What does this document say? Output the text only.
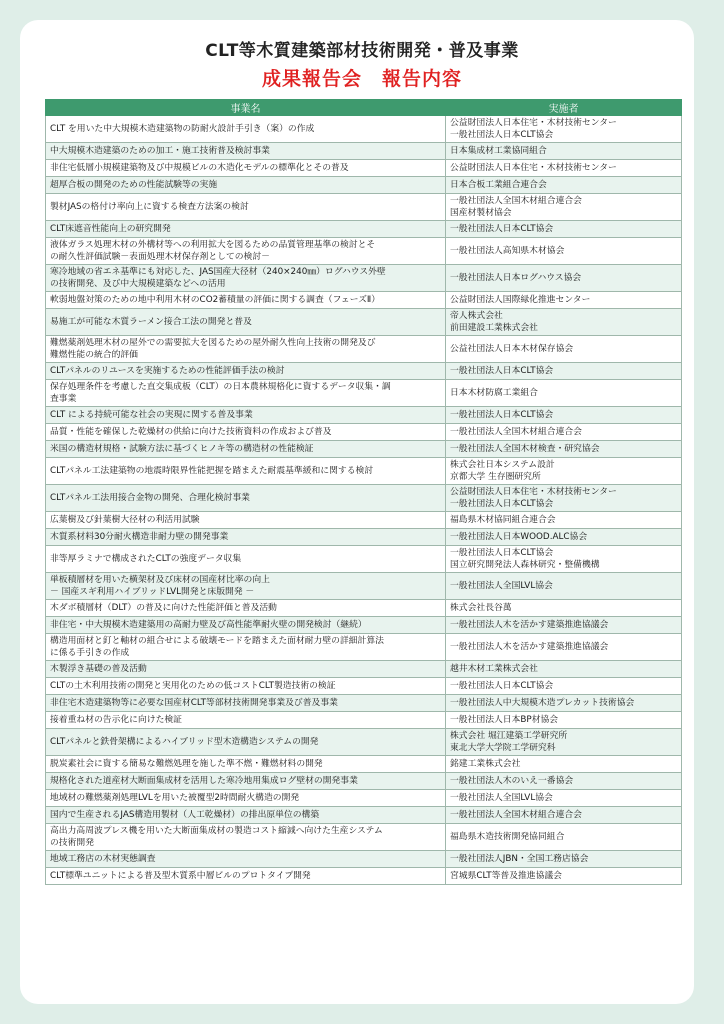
CLT等木質建築部材技術開発・普及事業
成果報告会　報告内容
事業名	実施者

CLT を用いた中大規模木造建築物の防耐火設計手引き（案）の作成	公益財団法人日本住宅・木材技術センター
一般社団法人日本CLT協会

中大規模木造建築のための加工・施工技術普及検討事業	日本集成材工業協同組合

非住宅低層小規模建築物及び中規模ビルの木造化モデルの標準化とその普及	公益財団法人日本住宅・木材技術センター

超厚合板の開発のための性能試験等の実施	日本合板工業組合連合会

製材JASの格付け率向上に資する検査方法案の検討	一般社団法人全国木材組合連合会
国産材製材協会

CLT床遮音性能向上の研究開発	一般社団法人日本CLT協会

液体ガラス処理木材の外構材等への利用拡大を図るための品質管理基準の検討とそ
の耐久性評価試験－表面処理木材保存剤としての検討－	一般社団法人高知県木材協会

寒冷地域の省エネ基準にも対応した、JAS国産大径材（240×240㎜）ログハウス外壁
の技術開発、及び中大規模建築などへの活用	一般社団法人日本ログハウス協会

軟弱地盤対策のための地中利用木材のCO2蓄積量の評価に関する調査（フェーズⅡ）	公益財団法人国際緑化推進センター

易施工が可能な木質ラーメン接合工法の開発と普及	帝人株式会社
前田建設工業株式会社

難燃薬剤処理木材の屋外での需要拡大を図るための屋外耐久性向上技術の開発及び
難燃性能の統合的評価	公益社団法人日本木材保存協会

CLTパネルのリユースを実施するための性能評価手法の検討	一般社団法人日本CLT協会

保存処理条件を考慮した直交集成板（CLT）の日本農林規格化に資するデータ収集・調
査事業	日本木材防腐工業組合

CLT による持続可能な社会の実現に関する普及事業	一般社団法人日本CLT協会

品質・性能を確保した乾燥材の供給に向けた技術資料の作成および普及	一般社団法人全国木材組合連合会

米国の構造材規格・試験方法に基づくヒノキ等の構造材の性能検証	一般社団法人全国木材検査・研究協会

CLTパネル工法建築物の地震時限界性能把握を踏まえた耐震基準緩和に関する検討	株式会社日本システム設計
京都大学 生存圏研究所

CLTパネル工法用接合金物の開発、合理化検討事業	公益財団法人日本住宅・木材技術センター
一般社団法人日本CLT協会

広葉樹及び針葉樹大径材の利活用試験	福島県木材協同組合連合会

木質系材料30分耐火構造非耐力壁の開発事業	一般社団法人日本WOOD.ALC協会

非等厚ラミナで構成されたCLTの強度データ収集	一般社団法人日本CLT協会
国立研究開発法人森林研究・整備機構

単板積層材を用いた横架材及び床材の国産材比率の向上
－ 国産スギ利用ハイブリッドLVL開発と床版開発 －	一般社団法人全国LVL協会

木ダボ積層材（DLT）の普及に向けた性能評価と普及活動	株式会社長谷萬

非住宅・中大規模木造建築用の高耐力壁及び高性能準耐火壁の開発検討（継続）	一般社団法人木を活かす建築推進協議会

構造用面材と釘と軸材の組合せによる破壊モードを踏まえた面材耐力壁の詳細計算法
に係る手引きの作成	一般社団法人木を活かす建築推進協議会

木製浮き基礎の普及活動	越井木材工業株式会社

CLTの土木利用技術の開発と実用化のための低コストCLT製造技術の検証	一般社団法人日本CLT協会

非住宅木造建築物等に必要な国産材CLT等部材技術開発事業及び普及事業	一般社団法人中大規模木造プレカット技術協会

接着重ね材の告示化に向けた検証	一般社団法人日本BP材協会

CLTパネルと鉄骨架構によるハイブリッド型木造構造システムの開発	株式会社 堀江建築工学研究所
東北大学大学院工学研究科

脱炭素社会に資する簡易な難燃処理を施した準不燃・難燃材料の開発	銘建工業株式会社

規格化された道産材大断面集成材を活用した寒冷地用集成ログ壁材の開発事業	一般社団法人木のいえ一番協会

地域材の難燃薬剤処理LVLを用いた被覆型2時間耐火構造の開発	一般社団法人全国LVL協会

国内で生産されるJAS構造用製材（人工乾燥材）の排出原単位の構築	一般社団法人全国木材組合連合会

高出力高周波プレス機を用いた大断面集成材の製造コスト縮減へ向けた生産システム
の技術開発	福島県木造技術開発協同組合

地域工務店の木材実態調査	一般社団法人JBN・全国工務店協会

CLT標準ユニットによる普及型木質系中層ビルのプロトタイプ開発	宮城県CLT等普及推進協議会
